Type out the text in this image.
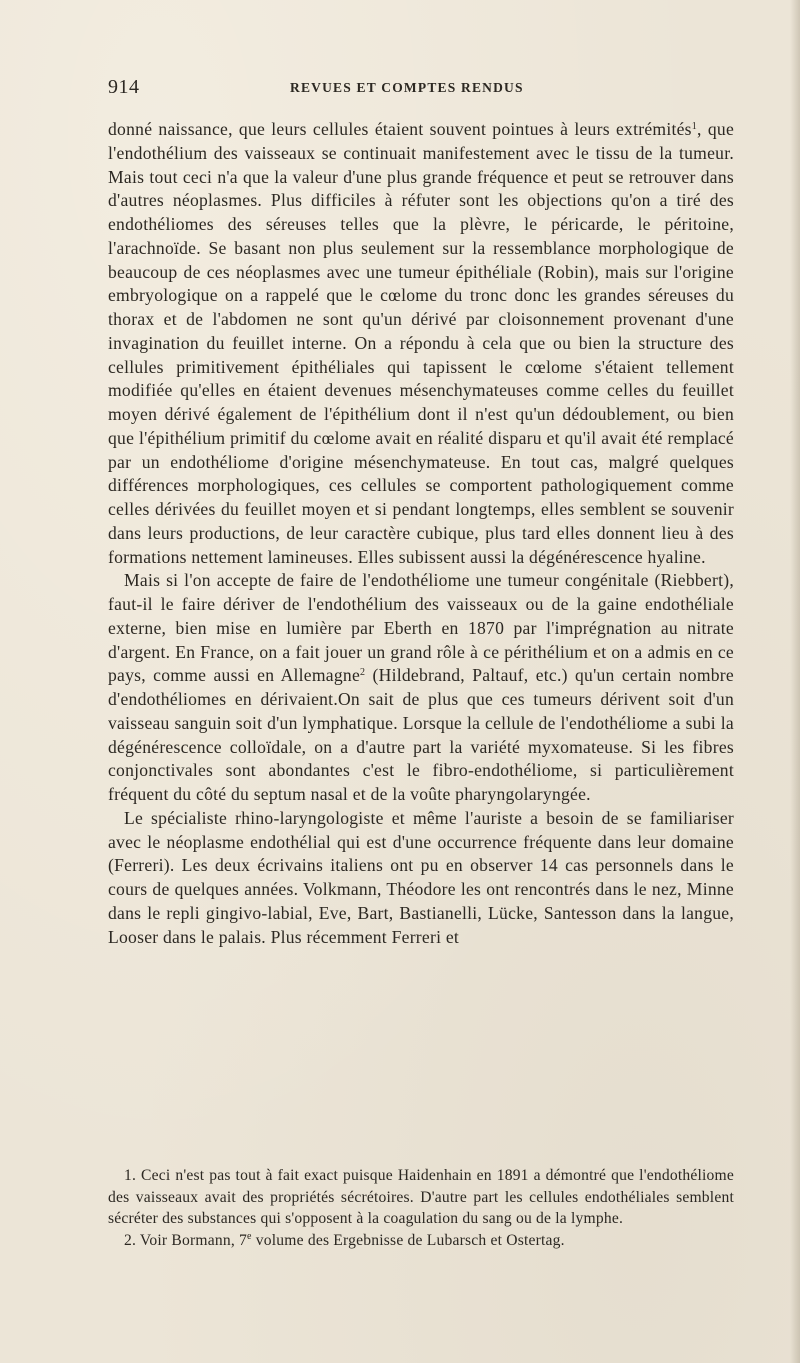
914	REVUES ET COMPTES RENDUS

donné naissance, que leurs cellules étaient souvent pointues à leurs extrémités$^1$, que l'endothélium des vaisseaux se continuait manifestement avec le tissu de la tumeur. Mais tout ceci n'a que la valeur d'une plus grande fréquence et peut se retrouver dans d'autres néoplasmes. Plus difficiles à réfuter sont les objections qu'on a tiré des endothéliomes des séreuses telles que la plèvre, le péricarde, le péritoine, l'arachnoïde. Se basant non plus seulement sur la ressemblance morphologique de beaucoup de ces néoplasmes avec une tumeur épithéliale (Robin), mais sur l'origine embryologique on a rappelé que le cœlome du tronc donc les grandes séreuses du thorax et de l'abdomen ne sont qu'un dérivé par cloisonnement provenant d'une invagination du feuillet interne. On a répondu à cela que ou bien la structure des cellules primitivement épithéliales qui tapissent le cœlome s'étaient tellement modifiée qu'elles en étaient devenues mésenchymateuses comme celles du feuillet moyen dérivé également de l'épithélium dont il n'est qu'un dédoublement, ou bien que l'épithélium primitif du cœlome avait en réalité disparu et qu'il avait été remplacé par un endothéliome d'origine mésenchymateuse. En tout cas, malgré quelques différences morphologiques, ces cellules se comportent pathologiquement comme celles dérivées du feuillet moyen et si pendant longtemps, elles semblent se souvenir dans leurs productions, de leur caractère cubique, plus tard elles donnent lieu à des formations nettement lamineuses. Elles subissent aussi la dégénérescence hyaline.

Mais si l'on accepte de faire de l'endothéliome une tumeur congénitale (Riebbert), faut-il le faire dériver de l'endothélium des vaisseaux ou de la gaine endothéliale externe, bien mise en lumière par Eberth en 1870 par l'imprégnation au nitrate d'argent. En France, on a fait jouer un grand rôle à ce périthélium et on a admis en ce pays, comme aussi en Allemagne$^2$ (Hildebrand, Paltauf, etc.) qu'un certain nombre d'endothéliomes en dérivaient.On sait de plus que ces tumeurs dérivent soit d'un vaisseau sanguin soit d'un lymphatique. Lorsque la cellule de l'endothéliome a subi la dégénérescence colloïdale, on a d'autre part la variété myxomateuse. Si les fibres conjonctivales sont abondantes c'est le fibro-endothéliome, si particulièrement fréquent du côté du septum nasal et de la voûte pharyngolaryngée.

Le spécialiste rhino-laryngologiste et même l'auriste a besoin de se familiariser avec le néoplasme endothélial qui est d'une occurrence fréquente dans leur domaine (Ferreri). Les deux écrivains italiens ont pu en observer 14 cas personnels dans le cours de quelques années. Volkmann, Théodore les ont rencontrés dans le nez, Minne dans le repli gingivo-labial, Eve, Bart, Bastianelli, Lücke, Santesson dans la langue, Looser dans le palais. Plus récemment Ferreri et

1. Ceci n'est pas tout à fait exact puisque Haidenhain en 1891 a démontré que l'endothéliome des vaisseaux avait des propriétés sécrétoires. D'autre part les cellules endothéliales semblent sécréter des substances qui s'opposent à la coagulation du sang ou de la lymphe.

2. Voir Bormann, 7e volume des Ergebnisse de Lubarsch et Ostertag.
